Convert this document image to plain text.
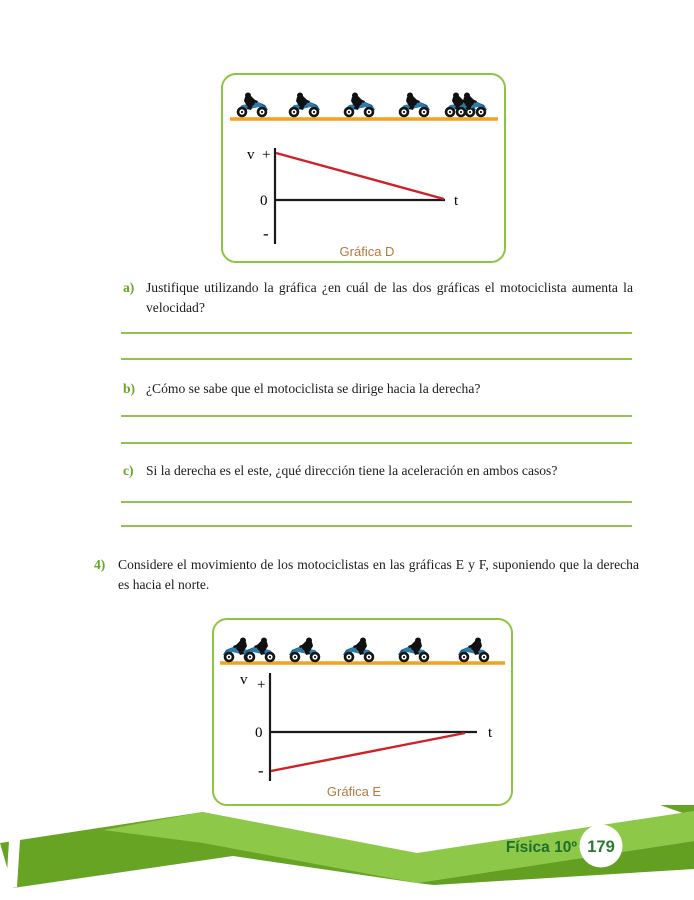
v +
0
-
t
Gráfica D
a) Justifique utilizando la gráfica ¿en cuál de las dos gráficas el motociclista aumenta la velocidad?
b) ¿Cómo se sabe que el motociclista se dirige hacia la derecha?
c) Si la derecha es el este, ¿qué dirección tiene la aceleración en ambos casos?
4) Considere el movimiento de los motociclistas en las gráficas E y F, suponiendo que la derecha es hacia el norte.
v +
0
-
t
Gráfica E
Física 10º 179
